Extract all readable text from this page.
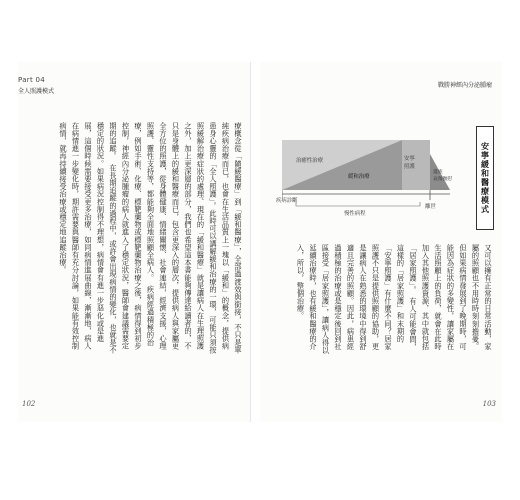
Part 04
全人照護模式
療概念從「隨緩醫療」到「緩和醫療」，全部過渡效與銜接，不只是單純疾病治療而已，也會在生活品質上一塊以「緩和」的概念，提供病患身心靈的「全人照護」。此時可以講解緩和治療的一環，可能只須按照緩解治療症狀的處理、現在的「緩和醫療」就是讓病人在生理照護之外，加上更深層的部分，我們也希望這本書能夠傳達給讀者的，不只是身體上的緩和醫療而已，包含更深入的層次，提供病人與家屬更全方位的照護，從身體健康、情緒關懷、社會連結，經濟支援，心理照護、靈性支持等，都能夠全面地照顧全病人。　疾病經過積極的治療，例如手術、化療、標靶藥物或標靶藥物治療之後，病情得到初步控制，神經內分泌腫瘤的病人就進入了穩定狀況，醫師會建議需要定期的追蹤。　在長期追蹤的過程中，或許會出現病情的變化，也就是不穩定的狀況。如果病況控制得不理想，病情會有進一步惡化或是進展，這個時候需要接受更多治療，如同病情進展曲線，漸漸地，病人在病情進一步變化時，期許需要與醫師有充分討論，如果能有效控制病情，就再持續接受治療或穩定地追蹤治療。
102
戰勝神經內分泌腫瘤
治癒性治療
緩和治療
安寧
照護
遺族
哀傷撫慰
疾病診斷
慢性病程
離世	安寧緩和醫療模式
又可以擁有正常的日常活動，家屬的照顧也不用時時刻刻擔憂。但如果病情發展到了晚期時，可能因為症狀的多變性，讓家屬在生活照顧上的負荷，就會在此時加入其他照護資源，其中就包括「居家照護」。　有人可能會問，這樣的「居家照護」和末期的「安寧照護」有什麼不同？居家照護不只是提供照顧的協助，更是讓病人在熟悉的環境中得到舒適且完善的照顧。因此，病患經過積極的治療或是穩定後回到社區接受「居家照護」，讓病人得以延續治療時，也有緩和醫療的介入，所以，整個治療。
103
